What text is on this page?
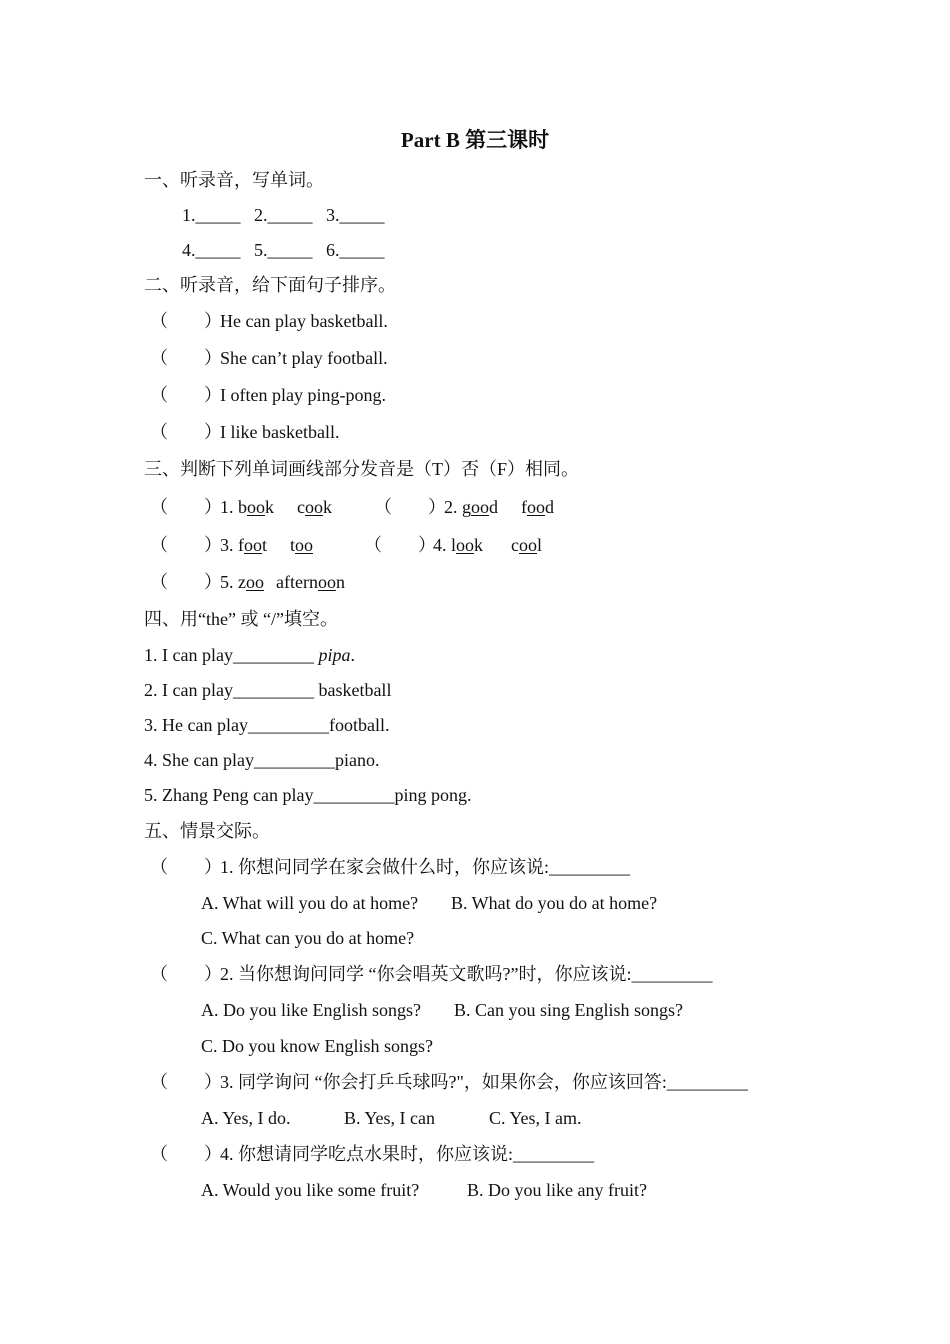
Part B 第三课时
一、听录音，写单词。
1._____   2._____   3._____
4._____   5._____   6._____
二、听录音，给下面句子排序。
（        ）
He can play basketball.
（        ）
She can’t play football.
（        ）
I often play ping-pong.
（        ）
I like basketball.
三、判断下列单词画线部分发音是（T）否（F）相同。
（        ）
1. book cook （        ）
2. good food
（        ）
3. foot too	（        ）
4. look cool
（        ）
5. zoo afternoon
四、用“the” 或 “/”填空。
1. I can play_________ pipa.
2. I can play_________ basketball
3. He can play_________football.
4. She can play_________piano.
5. Zhang Peng can play_________ping pong.
五、情景交际。
（        ）
1. 你想问同学在家会做什么时，你应该说:_________
A. What will you do at home? B. What do you do at home?
C. What can you do at home?
（        ）
2. 当你想询问同学 “你会唱英文歌吗?”时，你应该说:_________
A. Do you like English songs? B. Can you sing English songs?
C. Do you know English songs?
（        ）
3. 同学询问 “你会打乒乓球吗?"，如果你会，你应该回答:_________
A. Yes, I do.	B. Yes, I can	C. Yes, I am.
（        ）
4. 你想请同学吃点水果时，你应该说:_________
A. Would you like some fruit?	B. Do you like any fruit?
